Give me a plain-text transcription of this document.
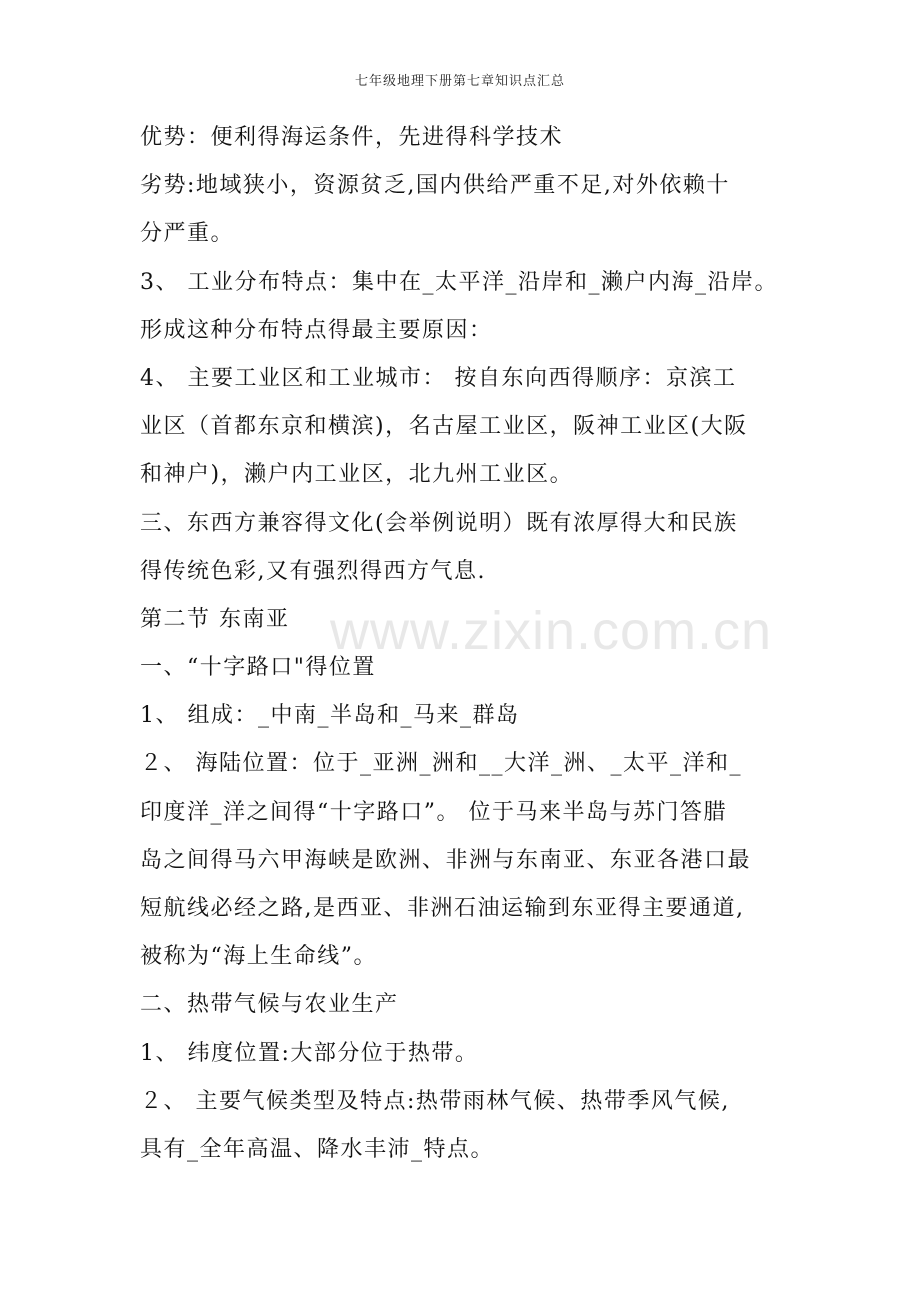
七年级地理下册第七章知识点汇总
优势：便利得海运条件，先进得科学技术
劣势:地域狭小，资源贫乏,国内供给严重不足,对外依赖十
分严重。
3、 工业分布特点：集中在_太平洋_沿岸和_濑户内海_沿岸。
形成这种分布特点得最主要原因：
4、 主要工业区和工业城市： 按自东向西得顺序：京滨工
业区（首都东京和横滨)，名古屋工业区，阪神工业区(大阪
和神户)，濑户内工业区，北九州工业区。
三、东西方兼容得文化(会举例说明）既有浓厚得大和民族
得传统色彩,又有强烈得西方气息.
第二节 东南亚
一、“十字路口"得位置
1、 组成：_中南_半岛和_马来_群岛
２、 海陆位置：位于_亚洲_洲和__大洋_洲、_太平_洋和_
印度洋_洋之间得“十字路口”。 位于马来半岛与苏门答腊
岛之间得马六甲海峡是欧洲、非洲与东南亚、东亚各港口最
短航线必经之路,是西亚、非洲石油运输到东亚得主要通道,
被称为“海上生命线”。
二、热带气候与农业生产
1、 纬度位置:大部分位于热带。
２、 主要气候类型及特点:热带雨林气候、热带季风气候,
具有_全年高温、降水丰沛_特点。
www.zixin.com.cn
